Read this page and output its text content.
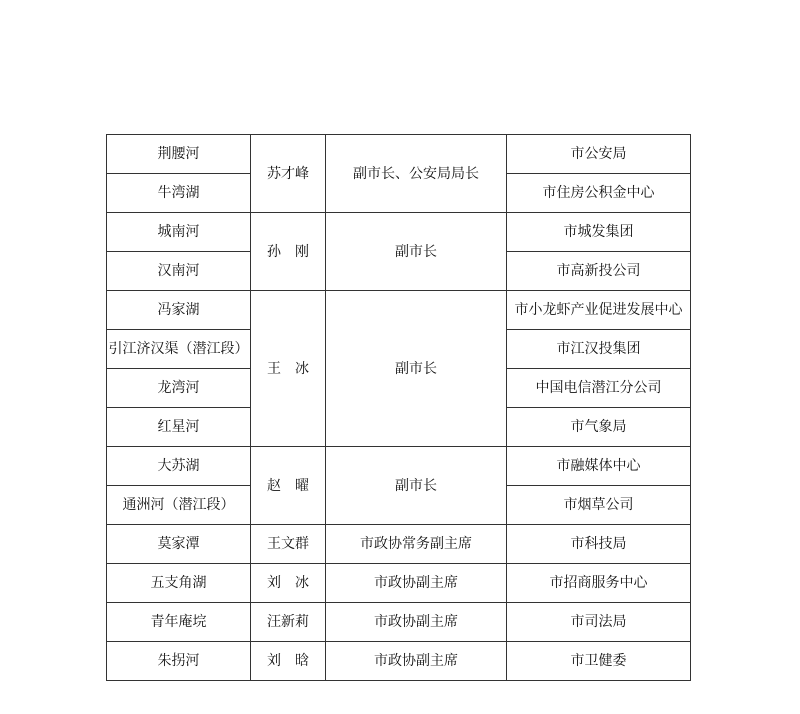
荆腰河	苏才峰	副市长、公安局局长	市公安局
牛湾湖			市住房公积金中心
城南河	孙　刚	副市长	市城发集团
汉南河			市高新投公司
冯家湖	王　冰	副市长	市小龙虾产业促进发展中心
引江济汉渠（潜江段）			市江汉投集团
龙湾河			中国电信潜江分公司
红星河			市气象局
大苏湖	赵　曜	副市长	市融媒体中心
通洲河（潜江段）			市烟草公司
莫家潭	王文群	市政协常务副主席	市科技局
五支角湖	刘　冰	市政协副主席	市招商服务中心
青年庵垸	汪新莉	市政协副主席	市司法局
朱拐河	刘　晗	市政协副主席	市卫健委
